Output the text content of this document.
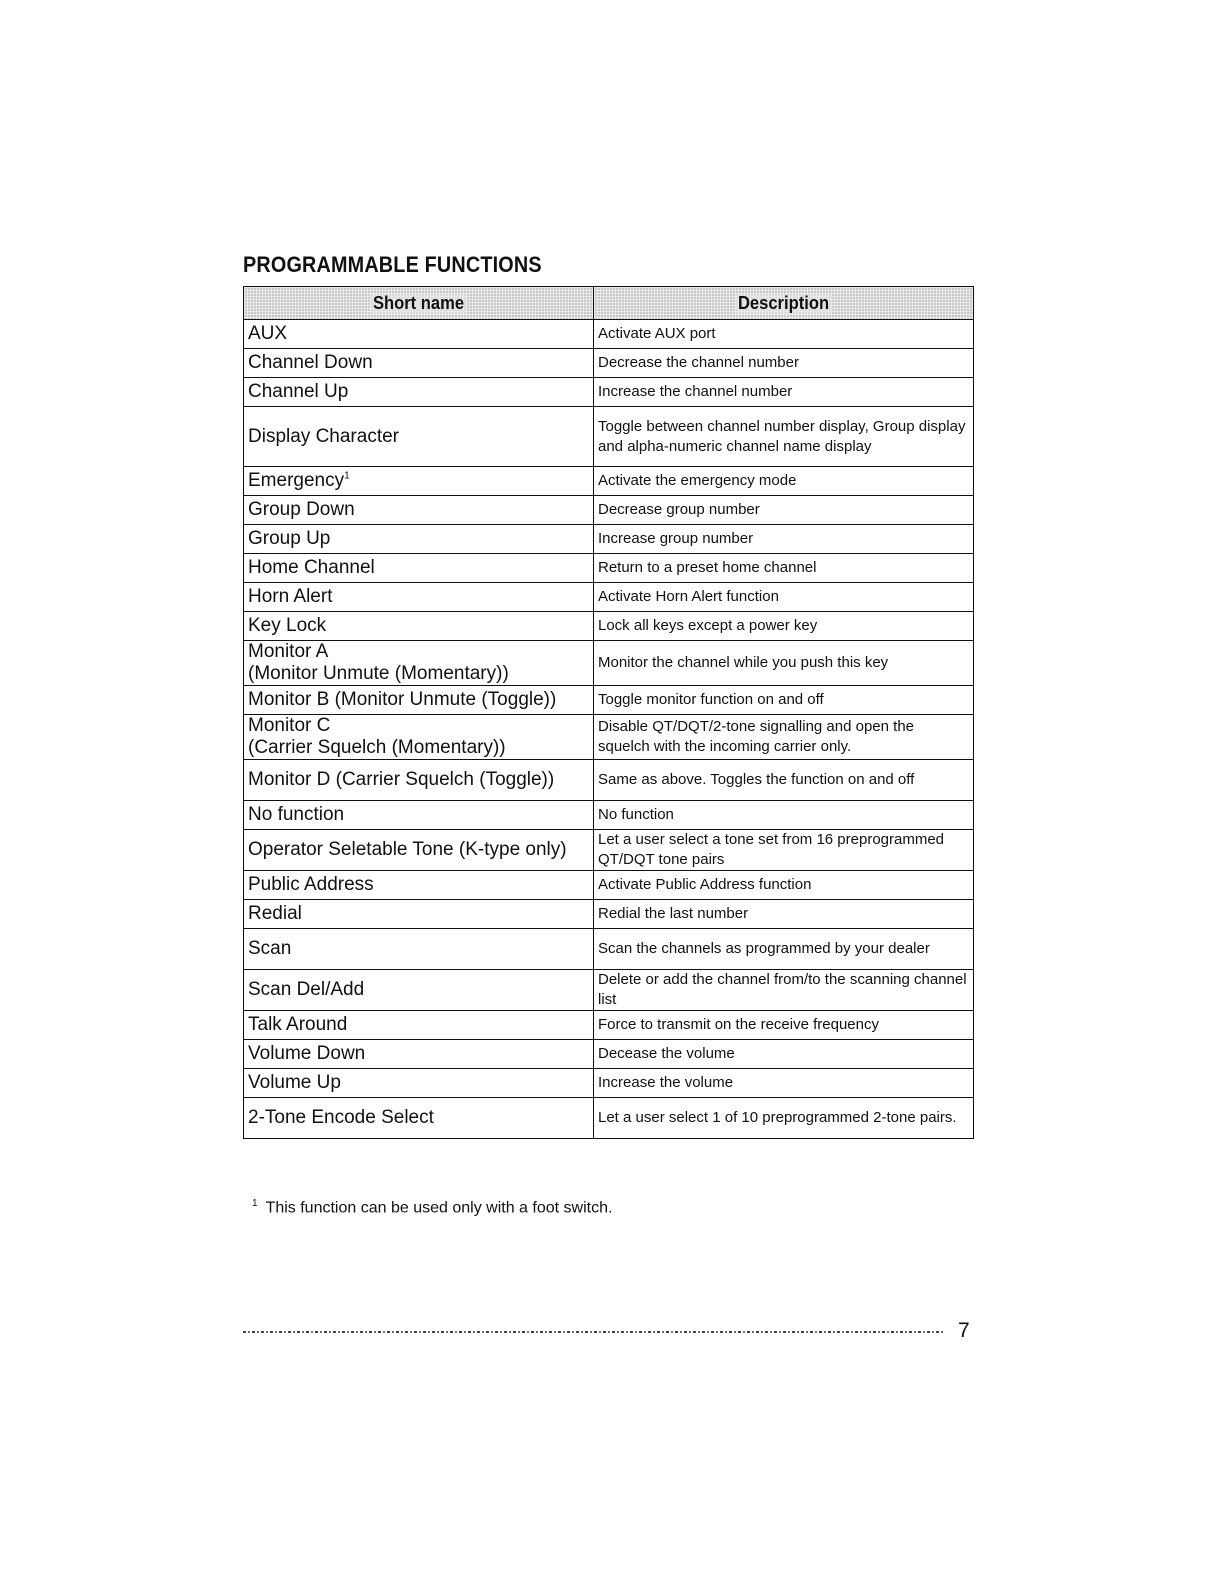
PROGRAMMABLE FUNCTIONS
Short name	Description
AUX	Activate AUX port
Channel Down	Decrease the channel number
Channel Up	Increase the channel number
Display Character	Toggle between channel number display, Group display and alpha-numeric channel name display
Emergency$^1$	Activate the emergency mode
Group Down	Decrease group number
Group Up	Increase group number
Home Channel	Return to a preset home channel
Horn Alert	Activate Horn Alert function
Key Lock	Lock all keys except a power key
Monitor A
(Monitor Unmute (Momentary))	Monitor the channel while you push this key
Monitor B (Monitor Unmute (Toggle))	Toggle monitor function on and off
Monitor C
(Carrier Squelch (Momentary))	Disable QT/DQT/2-tone signalling and open the squelch with the incoming carrier only.
Monitor D (Carrier Squelch (Toggle))	Same as above. Toggles the function on and off
No function	No function
Operator Seletable Tone (K-type only)	Let a user select a tone set from 16 preprogrammed QT/DQT tone pairs
Public Address	Activate Public Address function
Redial	Redial the last number
Scan	Scan the channels as programmed by your dealer
Scan Del/Add	Delete or add the channel from/to the scanning channel list
Talk Around	Force to transmit on the receive frequency
Volume Down	Decease the volume
Volume Up	Increase the volume
2-Tone Encode Select	Let a user select 1 of 10 preprogrammed 2-tone pairs.
$^1$ This function can be used only with a foot switch.
7
